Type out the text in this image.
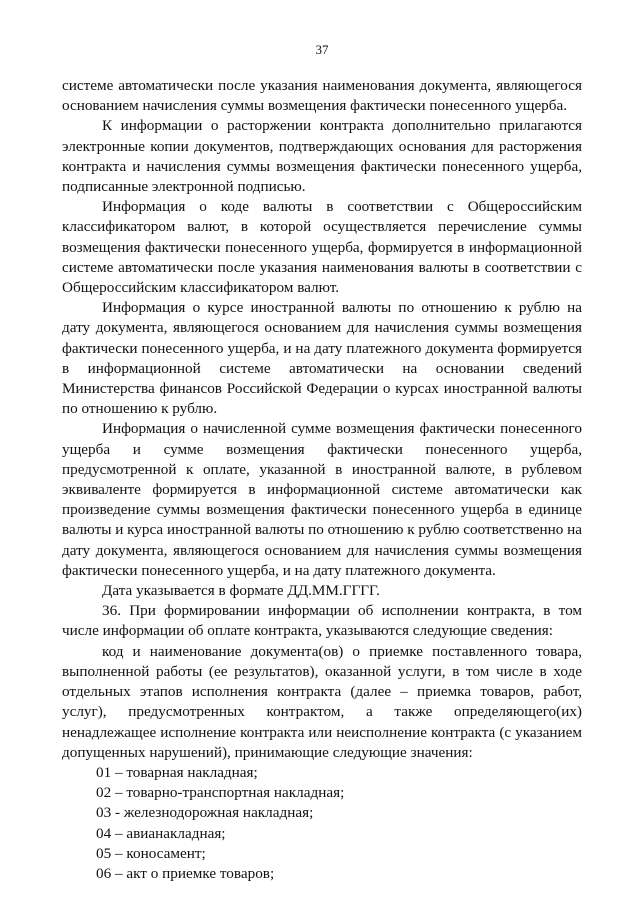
37

системе автоматически после указания наименования документа, являющегося основанием начисления суммы возмещения фактически понесенного ущерба.

К информации о расторжении контракта дополнительно прилагаются электронные копии документов, подтверждающих основания для расторжения контракта и начисления суммы возмещения фактически понесенного ущерба, подписанные электронной подписью.

Информация о коде валюты в соответствии с Общероссийским классификатором валют, в которой осуществляется перечисление суммы возмещения фактически понесенного ущерба, формируется в информационной системе автоматически после указания наименования валюты в соответствии с Общероссийским классификатором валют.

Информация о курсе иностранной валюты по отношению к рублю на дату документа, являющегося основанием для начисления суммы возмещения фактически понесенного ущерба, и на дату платежного документа формируется в информационной системе автоматически на основании сведений Министерства финансов Российской Федерации о курсах иностранной валюты по отношению к рублю.

Информация о начисленной сумме возмещения фактически понесенного ущерба и сумме возмещения фактически понесенного ущерба, предусмотренной к оплате, указанной в иностранной валюте, в рублевом эквиваленте формируется в информационной системе автоматически как произведение суммы возмещения фактически понесенного ущерба в единице валюты и курса иностранной валюты по отношению к рублю соответственно на дату документа, являющегося основанием для начисления суммы возмещения фактически понесенного ущерба, и на дату платежного документа.

Дата указывается в формате ДД.ММ.ГГГГ.

36. При формировании информации об исполнении контракта, в том числе информации об оплате контракта, указываются следующие сведения:

код и наименование документа(ов) о приемке поставленного товара, выполненной работы (ее результатов), оказанной услуги, в том числе в ходе отдельных этапов исполнения контракта (далее – приемка товаров, работ, услуг), предусмотренных контрактом, а также определяющего(их) ненадлежащее исполнение контракта или неисполнение контракта (с указанием допущенных нарушений), принимающие следующие значения:

01 – товарная накладная;

02 – товарно-транспортная накладная;

03 - железнодорожная накладная;

04 – авианакладная;

05 – коносамент;

06 – акт о приемке товаров;
